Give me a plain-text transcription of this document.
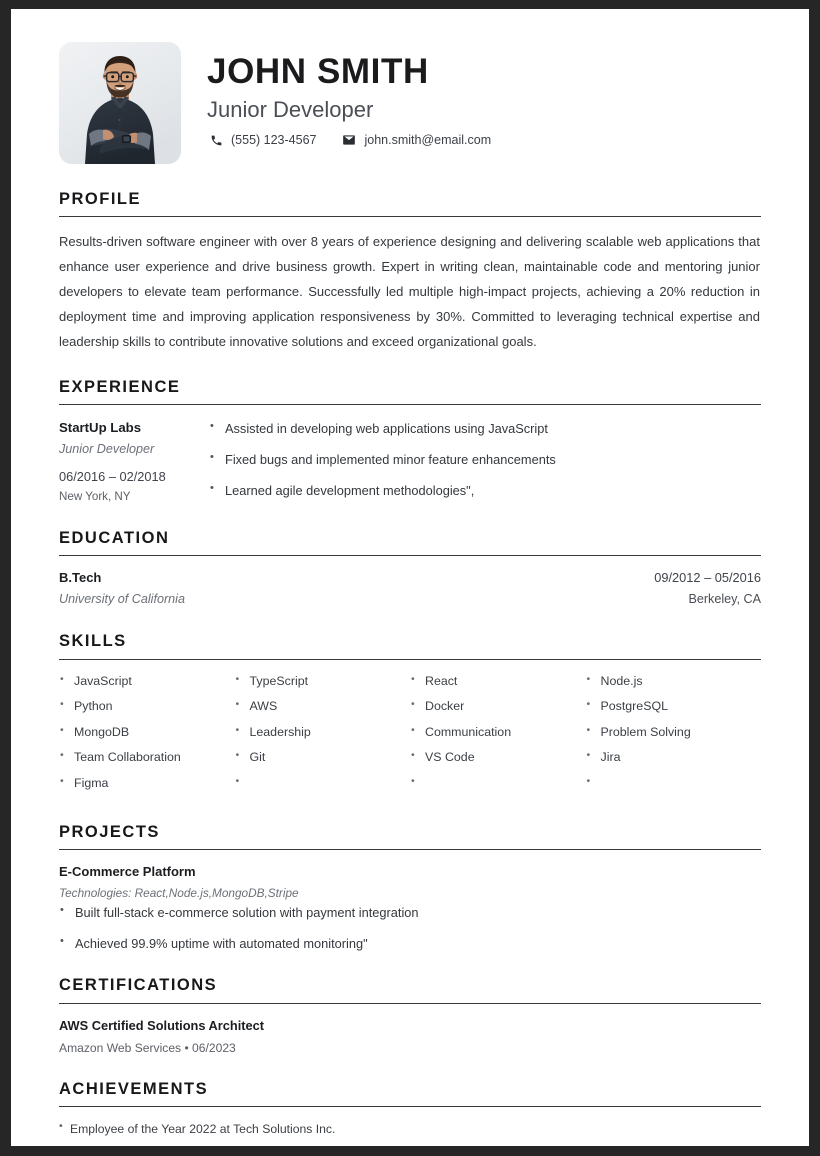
JOHN SMITH
Junior Developer
(555) 123-4567	john.smith@email.com
PROFILE

Results-driven software engineer with over 8 years of experience designing and delivering scalable web applications that enhance user experience and drive business growth. Expert in writing clean, maintainable code and mentoring junior developers to elevate team performance. Successfully led multiple high-impact projects, achieving a 20% reduction in deployment time and improving application responsiveness by 30%. Committed to leveraging technical expertise and leadership skills to contribute innovative solutions and exceed organizational goals.

EXPERIENCE
StartUp Labs
Junior Developer
06/2016 – 02/2018
New York, NY
• Assisted in developing web applications using JavaScript
• Fixed bugs and implemented minor feature enhancements
• Learned agile development methodologies",
EDUCATION
B.Tech
University of California
09/2012 – 05/2016
Berkeley, CA
SKILLS
• JavaScript
• Python
• MongoDB
• Team Collaboration
• Figma
• TypeScript
• AWS
• Leadership
• Git
•
• React
• Docker
• Communication
• VS Code
•
• Node.js
• PostgreSQL
• Problem Solving
• Jira
•
PROJECTS
E-Commerce Platform
Technologies: React,Node.js,MongoDB,Stripe
• Built full-stack e-commerce solution with payment integration
• Achieved 99.9% uptime with automated monitoring"
CERTIFICATIONS
AWS Certified Solutions Architect
Amazon Web Services • 06/2023
ACHIEVEMENTS
• Employee of the Year 2022 at Tech Solutions Inc.
